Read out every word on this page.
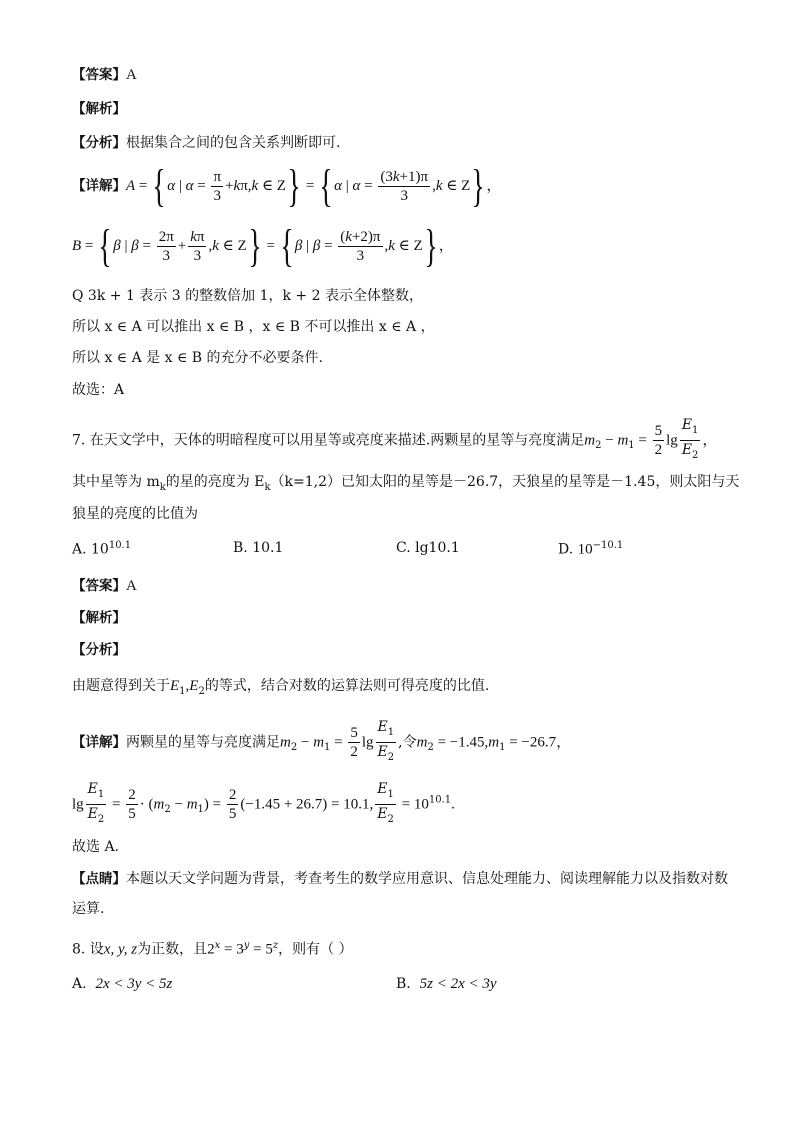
【答案】A
【解析】
【分析】根据集合之间的包含关系判断即可.
【详解】A = {α | $\alpha = \frac{\pi}{3} +k\pi,k$ ∈ Z} = {α | $\alpha = \frac{(3k+1)\pi}{3} ,k$ ∈ Z}，
B = {β | $\beta = \frac{2\pi}{3} + \frac{k\pi}{3} ,k$ ∈ Z} = {β | $\beta = \frac{(k+2)\pi}{3} ,k$ ∈ Z}，
Q 3k + 1 表示 3 的整数倍加 1，k + 2 表示全体整数，
所以 x ∈ A 可以推出 x ∈ B ，x ∈ B 不可以推出 x ∈ A ，
所以 x ∈ A 是 x ∈ B 的充分不必要条件.
故选：A
7. 在天文学中，天体的明暗程度可以用星等或亮度来描述.两颗星的星等与亮度满足$m_2 - m_1 = \frac{5}{2}$ $\lg \frac{E_1}{E_2}$ ，
其中星等为 $m_k$的星的亮度为 $E_k(k=1,2)$已知太阳的星等是－26.7，天狼星的星等是－1.45，则太阳与天
狼星的亮度的比值为
A. $10^{10.1}$	B. 10.1	C. lg10.1	D. $10^{-10.1}$
【答案】A
【解析】
【分析】
由题意得到关于$E_1,E_2$的等式，结合对数的运算法则可得亮度的比值.
【详解】两颗星的星等与亮度满足$m_2 - m_1 = \frac{5}{2}$ $\lg \frac{E_1}{E_2}$ ,令$m_2 = -1.45,m_1 = -26.7$，
$\lg \frac{E_1}{E_2} = \frac{2}{5} \cdot (m_2 - m_1) = \frac{2}{5} (-1.45 + 26.7) = 10.1$, $\frac{E_1}{E_2} = 10^{10.1}$.
故选 A.
【点睛】本题以天文学问题为背景，考查考生的数学应用意识、信息处理能力、阅读理解能力以及指数对数
运算.
8. 设x, y, z为正数，且$2^x = 3^y = 5^z$，则有（ ）
A. 2x < 3y < 5z	B. 5z < 2x < 3y
